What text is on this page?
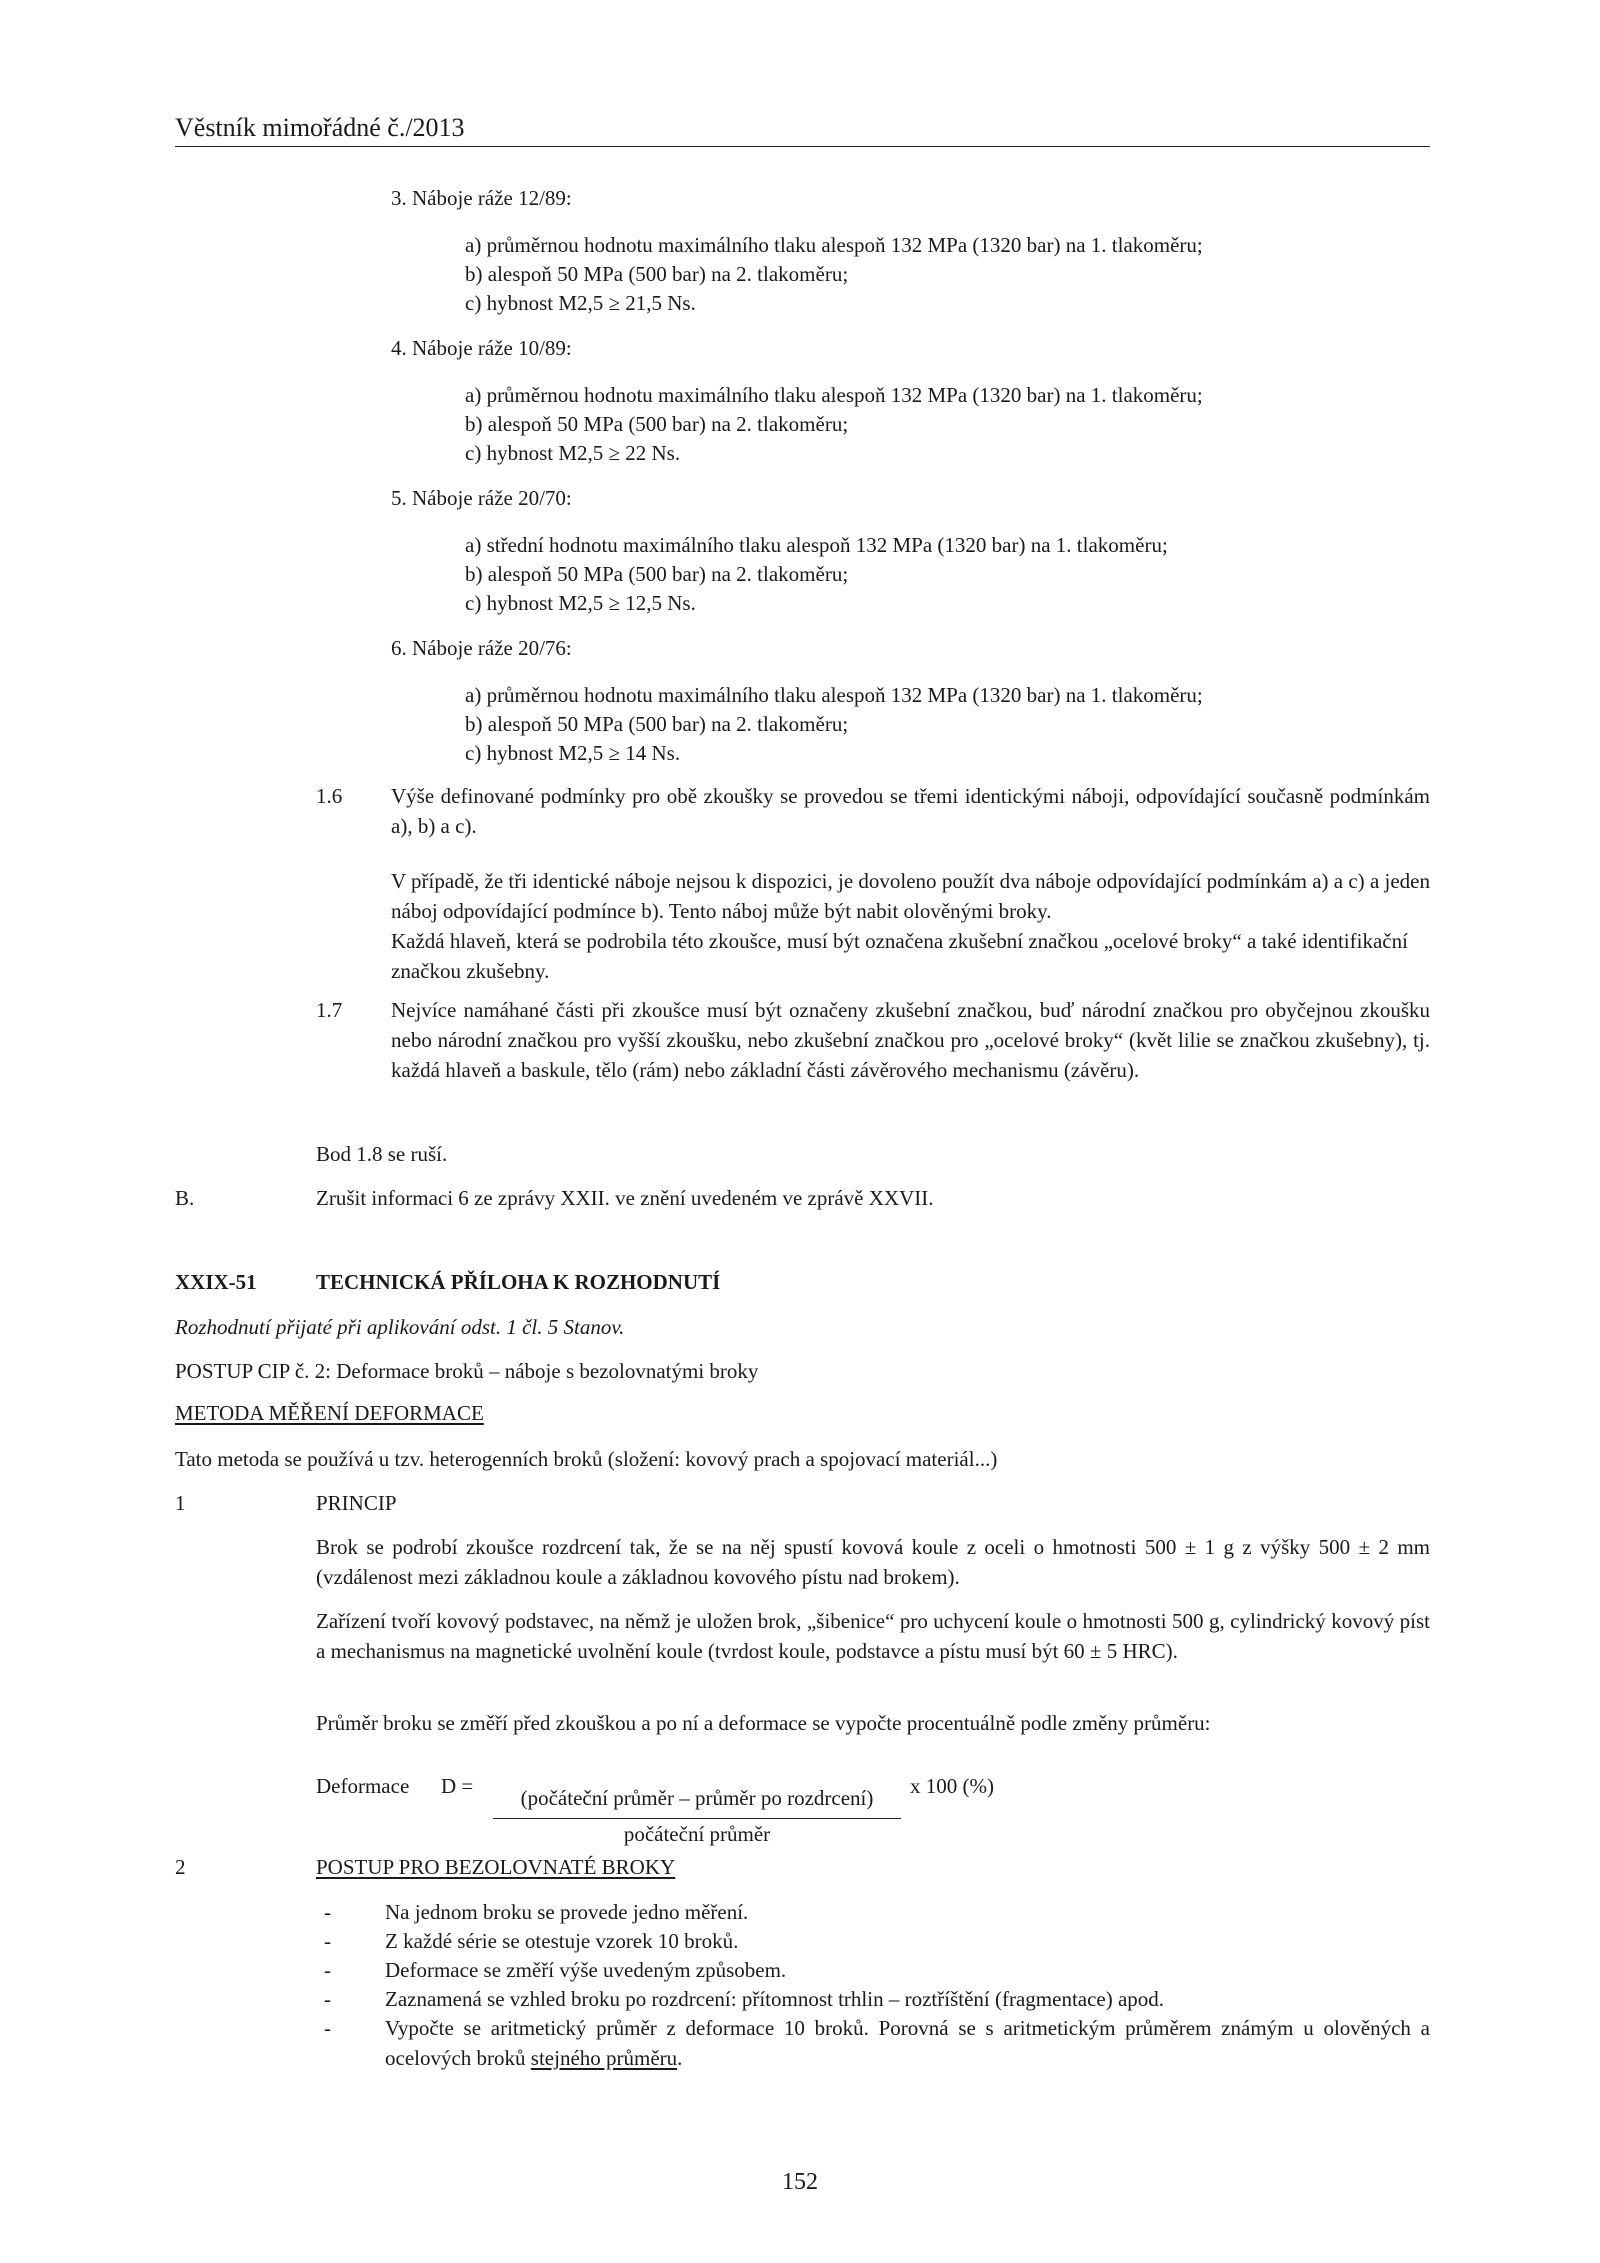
Věstník mimořádné č./2013
3. Náboje ráže 12/89:
a) průměrnou hodnotu maximálního tlaku alespoň 132 MPa (1320 bar) na 1. tlakoměru;
b) alespoň 50 MPa (500 bar) na 2. tlakoměru;
c) hybnost M2,5 ≥ 21,5 Ns.
4. Náboje ráže 10/89:
a) průměrnou hodnotu maximálního tlaku alespoň 132 MPa (1320 bar) na 1. tlakoměru;
b) alespoň 50 MPa (500 bar) na 2. tlakoměru;
c) hybnost M2,5 ≥ 22 Ns.
5. Náboje ráže 20/70:
a) střední hodnotu maximálního tlaku alespoň 132 MPa (1320 bar) na 1. tlakoměru;
b) alespoň 50 MPa (500 bar) na 2. tlakoměru;
c) hybnost M2,5 ≥ 12,5 Ns.
6. Náboje ráže 20/76:
a) průměrnou hodnotu maximálního tlaku alespoň 132 MPa (1320 bar) na 1. tlakoměru;
b) alespoň 50 MPa (500 bar) na 2. tlakoměru;
c) hybnost M2,5 ≥ 14 Ns.
1.6 Výše definované podmínky pro obě zkoušky se provedou se třemi identickými náboji, odpovídající současně podmínkám a), b) a c).
V případě, že tři identické náboje nejsou k dispozici, je dovoleno použít dva náboje odpovídající podmínkám a) a c) a jeden náboj odpovídající podmínce b). Tento náboj může být nabit olověnými broky.
Každá hlaveň, která se podrobila této zkoušce, musí být označena zkušební značkou „ocelové broky“ a také identifikační značkou zkušebny.
1.7 Nejvíce namáhané části při zkoušce musí být označeny zkušební značkou, buď národní značkou pro obyčejnou zkoušku nebo národní značkou pro vyšší zkoušku, nebo zkušební značkou pro „ocelové broky“ (květ lilie se značkou zkušebny), tj. každá hlaveň a baskule, tělo (rám) nebo základní části závěrového mechanismu (závěru).
Bod 1.8 se ruší.
B.	Zrušit informaci 6 ze zprávy XXII. ve znění uvedeném ve zprávě XXVII.
XXIX-51	TECHNICKÁ PŘÍLOHA K ROZHODNUTÍ
Rozhodnutí přijaté při aplikování odst. 1 čl. 5 Stanov.
POSTUP CIP č. 2: Deformace broků – náboje s bezolovnatými broky
METODA MĚŘENÍ DEFORMACE
Tato metoda se používá u tzv. heterogenních broků (složení: kovový prach a spojovací materiál...)
1	PRINCIP
Brok se podrobí zkoušce rozdrcení tak, že se na něj spustí kovová koule z oceli o hmotnosti 500 ± 1 g z výšky 500 ± 2 mm (vzdálenost mezi základnou koule a základnou kovového pístu nad brokem).
Zařízení tvoří kovový podstavec, na němž je uložen brok, „šibenice“ pro uchycení koule o hmotnosti 500 g, cylindrický kovový píst a mechanismus na magnetické uvolnění koule (tvrdost koule, podstavce a pístu musí být 60 ± 5 HRC).
Průměr broku se změří před zkouškou a po ní a deformace se vypočte procentuálně podle změny průměru:
Deformace D =	(počáteční průměr – průměr po rozdrcení)
počáteční průměr
x 100 (%)
2	POSTUP PRO BEZOLOVNATÉ BROKY
-	Na jednom broku se provede jedno měření.
-	Z každé série se otestuje vzorek 10 broků.
-	Deformace se změří výše uvedeným způsobem.
-	Zaznamená se vzhled broku po rozdrcení: přítomnost trhlin – roztříštění (fragmentace) apod.
-	Vypočte se aritmetický průměr z deformace 10 broků. Porovná se s aritmetickým průměrem známým u olověných a ocelových broků stejného průměru.
152
